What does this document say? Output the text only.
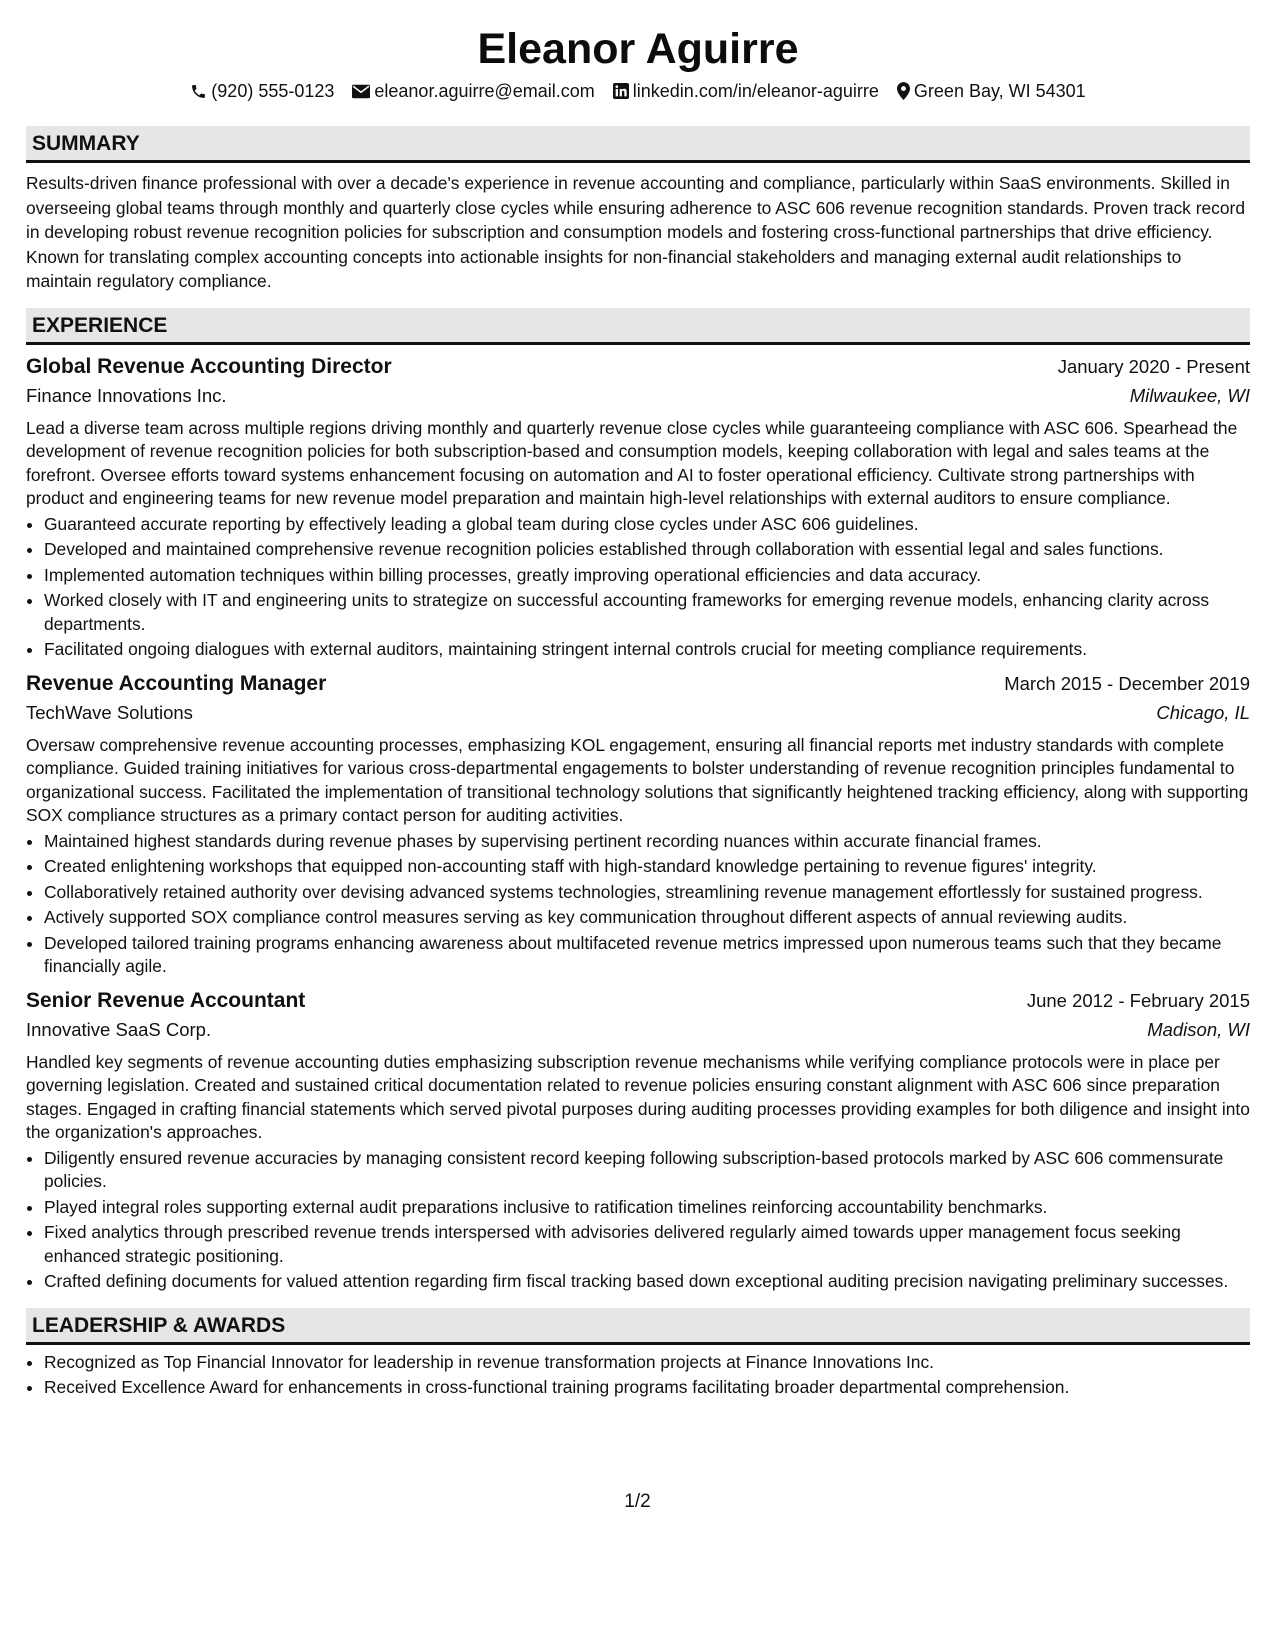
Eleanor Aguirre
(920) 555-0123 eleanor.aguirre@email.com linkedin.com/in/eleanor-aguirre Green Bay, WI 54301
SUMMARY

Results-driven finance professional with over a decade's experience in revenue accounting and compliance, particularly within SaaS environments. Skilled in overseeing global teams through monthly and quarterly close cycles while ensuring adherence to ASC 606 revenue recognition standards. Proven track record in developing robust revenue recognition policies for subscription and consumption models and fostering cross-functional partnerships that drive efficiency. Known for translating complex accounting concepts into actionable insights for non-financial stakeholders and managing external audit relationships to maintain regulatory compliance.

EXPERIENCE
Global Revenue Accounting Director	January 2020 - Present
Finance Innovations Inc.	Milwaukee, WI
Lead a diverse team across multiple regions driving monthly and quarterly revenue close cycles while guaranteeing compliance with ASC 606. Spearhead the development of revenue recognition policies for both subscription-based and consumption models, keeping collaboration with legal and sales teams at the forefront. Oversee efforts toward systems enhancement focusing on automation and AI to foster operational efficiency. Cultivate strong partnerships with product and engineering teams for new revenue model preparation and maintain high-level relationships with external auditors to ensure compliance.
• Guaranteed accurate reporting by effectively leading a global team during close cycles under ASC 606 guidelines.
• Developed and maintained comprehensive revenue recognition policies established through collaboration with essential legal and sales functions.
• Implemented automation techniques within billing processes, greatly improving operational efficiencies and data accuracy.
• Worked closely with IT and engineering units to strategize on successful accounting frameworks for emerging revenue models, enhancing clarity across departments.
• Facilitated ongoing dialogues with external auditors, maintaining stringent internal controls crucial for meeting compliance requirements.
Revenue Accounting Manager	March 2015 - December 2019
TechWave Solutions	Chicago, IL
Oversaw comprehensive revenue accounting processes, emphasizing KOL engagement, ensuring all financial reports met industry standards with complete compliance. Guided training initiatives for various cross-departmental engagements to bolster understanding of revenue recognition principles fundamental to organizational success. Facilitated the implementation of transitional technology solutions that significantly heightened tracking efficiency, along with supporting SOX compliance structures as a primary contact person for auditing activities.
• Maintained highest standards during revenue phases by supervising pertinent recording nuances within accurate financial frames.
• Created enlightening workshops that equipped non-accounting staff with high-standard knowledge pertaining to revenue figures' integrity.
• Collaboratively retained authority over devising advanced systems technologies, streamlining revenue management effortlessly for sustained progress.
• Actively supported SOX compliance control measures serving as key communication throughout different aspects of annual reviewing audits.
• Developed tailored training programs enhancing awareness about multifaceted revenue metrics impressed upon numerous teams such that they became financially agile.
Senior Revenue Accountant	June 2012 - February 2015
Innovative SaaS Corp.	Madison, WI
Handled key segments of revenue accounting duties emphasizing subscription revenue mechanisms while verifying compliance protocols were in place per governing legislation. Created and sustained critical documentation related to revenue policies ensuring constant alignment with ASC 606 since preparation stages. Engaged in crafting financial statements which served pivotal purposes during auditing processes providing examples for both diligence and insight into the organization's approaches.
• Diligently ensured revenue accuracies by managing consistent record keeping following subscription-based protocols marked by ASC 606 commensurate policies.
• Played integral roles supporting external audit preparations inclusive to ratification timelines reinforcing accountability benchmarks.
• Fixed analytics through prescribed revenue trends interspersed with advisories delivered regularly aimed towards upper management focus seeking enhanced strategic positioning.
• Crafted defining documents for valued attention regarding firm fiscal tracking based down exceptional auditing precision navigating preliminary successes.
LEADERSHIP & AWARDS
• Recognized as Top Financial Innovator for leadership in revenue transformation projects at Finance Innovations Inc.
• Received Excellence Award for enhancements in cross-functional training programs facilitating broader departmental comprehension.
1/2
